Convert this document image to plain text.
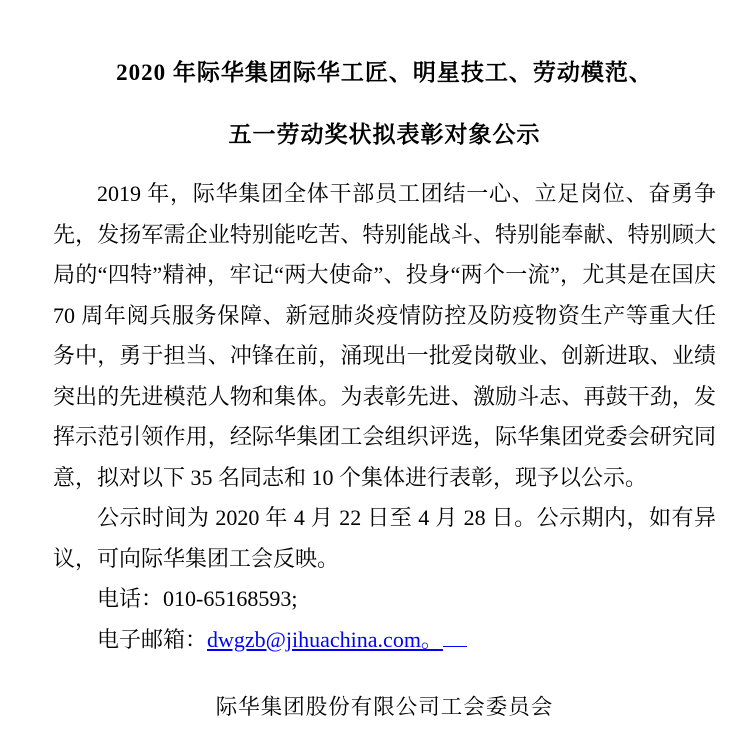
2020 年际华集团际华工匠、明星技工、劳动模范、
五一劳动奖状拟表彰对象公示
2019 年，际华集团全体干部员工团结一心、立足岗位、奋勇争
先，发扬军需企业特别能吃苦、特别能战斗、特别能奉献、特别顾大
局的“四特”精神，牢记“两大使命”、投身“两个一流”，尤其是在国庆
70 周年阅兵服务保障、新冠肺炎疫情防控及防疫物资生产等重大任
务中，勇于担当、冲锋在前，涌现出一批爱岗敬业、创新进取、业绩
突出的先进模范人物和集体。为表彰先进、激励斗志、再鼓干劲，发
挥示范引领作用，经际华集团工会组织评选，际华集团党委会研究同
意，拟对以下 35 名同志和 10 个集体进行表彰，现予以公示。
公示时间为 2020 年 4 月 22 日至 4 月 28 日。公示期内，如有异
议，可向际华集团工会反映。
电话：010-65168593;
电子邮箱：dwgzb@jihuachina.com。
际华集团股份有限公司工会委员会
